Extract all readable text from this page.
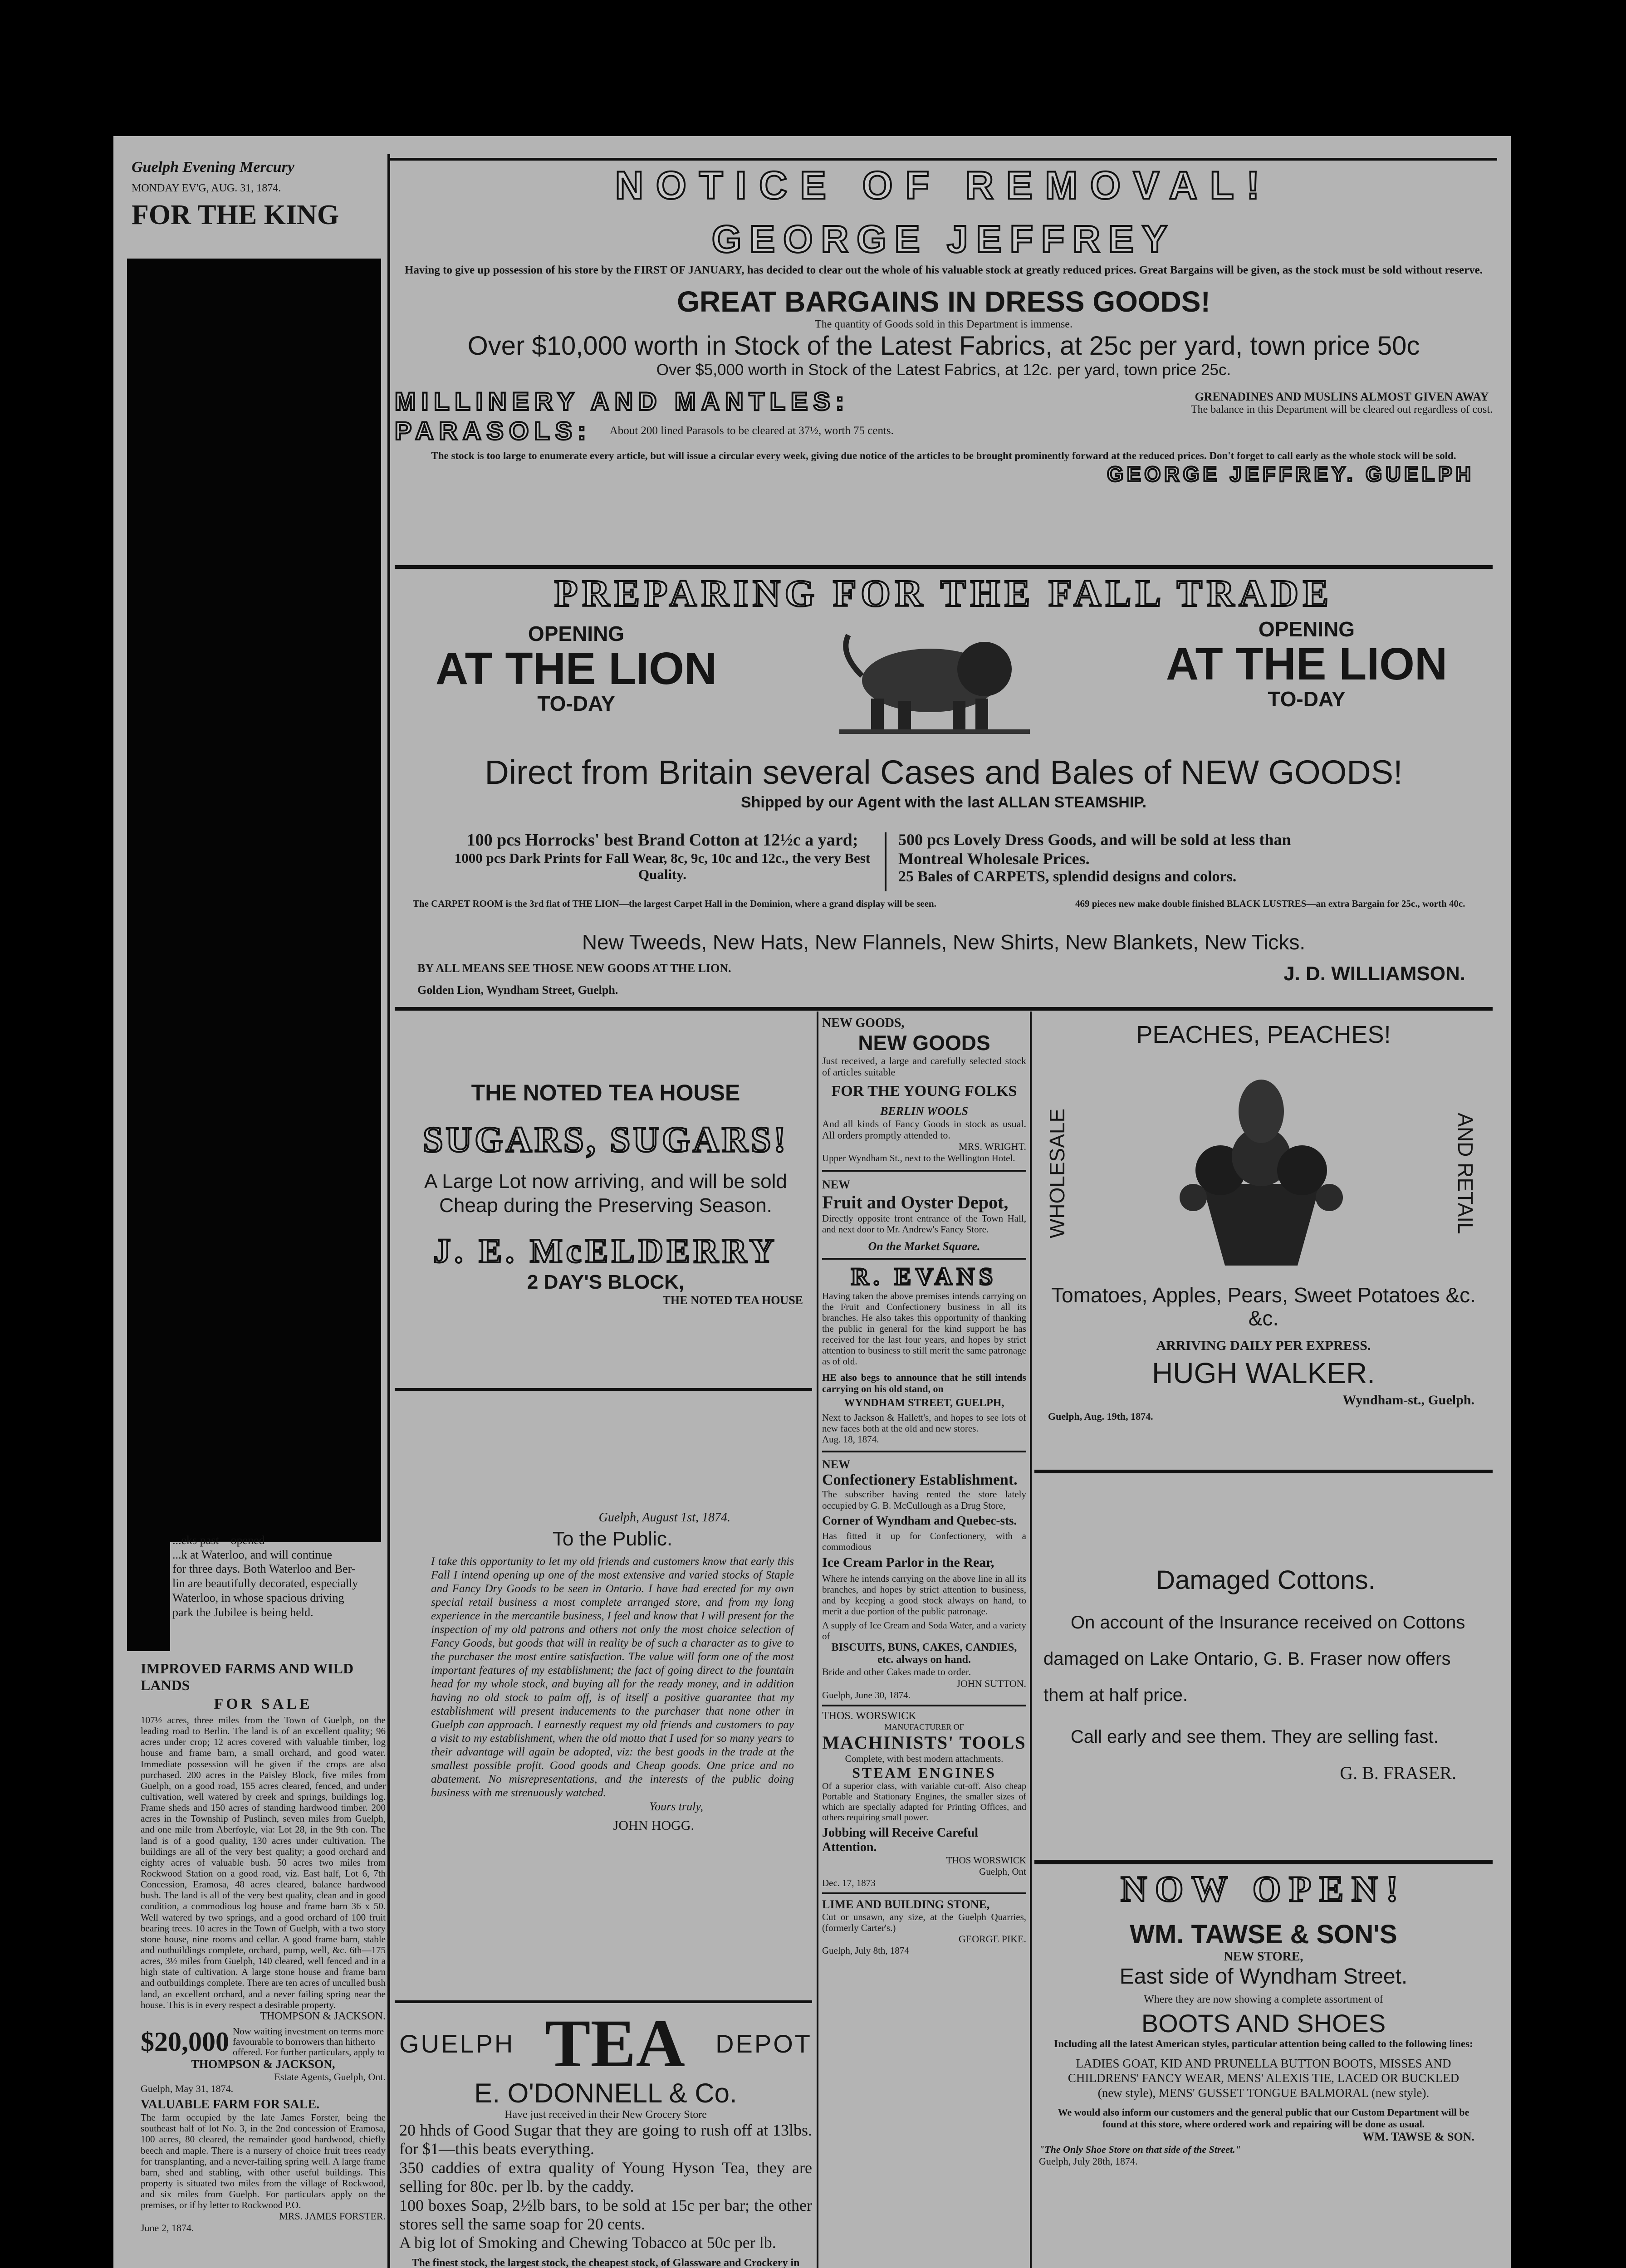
Guelph Evening Mercury
MONDAY EV'G, AUG. 31, 1874.
FOR THE KING

...eks past—opened

...k at Waterloo, and will continue

for three days. Both Waterloo and Ber-

lin are beautifully decorated, especially

Waterloo, in whose spacious driving

park the Jubilee is being held.

IMPROVED FARMS AND WILD LANDS
FOR SALE

107½ acres, three miles from the Town of Guelph, on the leading road to Berlin. The land is of an excellent quality; 96 acres under crop; 12 acres covered with valuable timber, log house and frame barn, a small orchard, and good water. Immediate possession will be given if the crops are also purchased. 200 acres in the Paisley Block, five miles from Guelph, on a good road, 155 acres cleared, fenced, and under cultivation, well watered by creek and springs, buildings log. Frame sheds and 150 acres of standing hardwood timber. 200 acres in the Township of Puslinch, seven miles from Guelph, and one mile from Aberfoyle, via: Lot 28, in the 9th con. The land is of a good quality, 130 acres under cultivation. The buildings are all of the very best quality; a good orchard and eighty acres of valuable bush. 50 acres two miles from Rockwood Station on a good road, viz. East half, Lot 6, 7th Concession, Eramosa, 48 acres cleared, balance hardwood bush. The land is all of the very best quality, clean and in good condition, a commodious log house and frame barn 36 x 50. Well watered by two springs, and a good orchard of 100 fruit bearing trees. 10 acres in the Town of Guelph, with a two story stone house, nine rooms and cellar. A good frame barn, stable and outbuildings complete, orchard, pump, well, &c. 6th—175 acres, 3½ miles from Guelph, 140 cleared, well fenced and in a high state of cultivation. A large stone house and frame barn and outbuildings complete. There are ten acres of unculled bush land, an excellent orchard, and a never failing spring near the house. This is in every respect a desirable property.

THOMPSON & JACKSON.

$20,000 Now waiting investment on terms more favourable to borrowers than hitherto offered. For further particulars, apply to

THOMPSON & JACKSON,

Estate Agents, Guelph, Ont.

Guelph, May 31, 1874.

VALUABLE FARM FOR SALE.

The farm occupied by the late James Forster, being the southeast half of lot No. 3, in the 2nd concession of Eramosa, 100 acres, 80 cleared, the remainder good hardwood, chiefly beech and maple. There is a nursery of choice fruit trees ready for transplanting, and a never-failing spring well. A large frame barn, shed and stabling, with other useful buildings. This property is situated two miles from the village of Rockwood, and six miles from Guelph. For particulars apply on the premises, or if by letter to Rockwood P.O.

MRS. JAMES FORSTER.

June 2, 1874.

NOTICE OF REMOVAL!
GEORGE JEFFREY

Having to give up possession of his store by the FIRST OF JANUARY, has decided to clear out the whole of his valuable stock at greatly reduced prices. Great Bargains will be given, as the stock must be sold without reserve.

GREAT BARGAINS IN DRESS GOODS!

The quantity of Goods sold in this Department is immense.

Over $10,000 worth in Stock of the Latest Fabrics, at 25c per yard, town price 50c
Over $5,000 worth in Stock of the Latest Fabrics, at 12c. per yard, town price 25c.
MILLINERY AND MANTLES:	GRENADINES AND MUSLINS ALMOST GIVEN AWAY
The balance in this Department will be cleared out regardless of cost.
PARASOLS: About 200 lined Parasols to be cleared at 37½, worth 75 cents.

The stock is too large to enumerate every article, but will issue a circular every week, giving due notice of the articles to be brought prominently forward at the reduced prices. Don't forget to call early as the whole stock will be sold.

GEORGE JEFFREY. GUELPH
PREPARING FOR THE FALL TRADE
OPENING
AT THE LION
TO-DAY
OPENING
AT THE LION
TO-DAY
Direct from Britain several Cases and Bales of NEW GOODS!
Shipped by our Agent with the last ALLAN STEAMSHIP.

100 pcs Horrocks' best Brand Cotton at 12½c a yard;

1000 pcs Dark Prints for Fall Wear, 8c, 9c, 10c and 12c., the very Best Quality.

500 pcs Lovely Dress Goods, and will be sold at less than Montreal Wholesale Prices.

25 Bales of CARPETS, splendid designs and colors.

The CARPET ROOM is the 3rd flat of THE LION—the largest Carpet Hall in the Dominion, where a grand display will be seen.	469 pieces new make double finished BLACK LUSTRES—an extra Bargain for 25c., worth 40c.
New Tweeds, New Hats, New Flannels, New Shirts, New Blankets, New Ticks.
BY ALL MEANS SEE THOSE NEW GOODS AT THE LION.	J. D. WILLIAMSON.
Golden Lion, Wyndham Street, Guelph.
THE NOTED TEA HOUSE
SUGARS, SUGARS!

A Large Lot now arriving, and will be sold Cheap during the Preserving Season.

J. E. McELDERRY
2 DAY'S BLOCK,
THE NOTED TEA HOUSE

Guelph, August 1st, 1874.

To the Public.

I take this opportunity to let my old friends and customers know that early this Fall I intend opening up one of the most extensive and varied stocks of Staple and Fancy Dry Goods to be seen in Ontario. I have had erected for my own special retail business a most complete arranged store, and from my long experience in the mercantile business, I feel and know that I will present for the inspection of my old patrons and others not only the most choice selection of Fancy Goods, but goods that will in reality be of such a character as to give to the purchaser the most entire satisfaction. The value will form one of the most important features of my establishment; the fact of going direct to the fountain head for my whole stock, and buying all for the ready money, and in addition having no old stock to palm off, is of itself a positive guarantee that my establishment will present inducements to the purchaser that none other in Guelph can approach. I earnestly request my old friends and customers to pay a visit to my establishment, when the old motto that I used for so many years to their advantage will again be adopted, viz: the best goods in the trade at the smallest possible profit. Good goods and Cheap goods. One price and no abatement. No misrepresentations, and the interests of the public doing business with me strenuously watched.

Yours truly,

JOHN HOGG.

GUELPH TEA DEPOT
E. O'DONNELL & Co.

Have just received in their New Grocery Store

20 hhds of Good Sugar that they are going to rush off at 13lbs. for $1—this beats everything.

350 caddies of extra quality of Young Hyson Tea, they are selling for 80c. per lb. by the caddy.

100 boxes Soap, 2½lb bars, to be sold at 15c per bar; the other stores sell the same soap for 20 cents.

A big lot of Smoking and Chewing Tobacco at 50c per lb.

The finest stock, the largest stock, the cheapest stock, of Glassware and Crockery in

NEW GOODS,
NEW GOODS

Just received, a large and carefully selected stock of articles suitable

FOR THE YOUNG FOLKS
BERLIN WOOLS

And all kinds of Fancy Goods in stock as usual. All orders promptly attended to.

MRS. WRIGHT.

Upper Wyndham St., next to the Wellington Hotel.

NEW
Fruit and Oyster Depot,

Directly opposite front entrance of the Town Hall, and next door to Mr. Andrew's Fancy Store.

On the Market Square.
R. EVANS

Having taken the above premises intends carrying on the Fruit and Confectionery business in all its branches. He also takes this opportunity of thanking the public in general for the kind support he has received for the last four years, and hopes by strict attention to business to still merit the same patronage as of old.

HE also begs to announce that he still intends carrying on his old stand, on

WYNDHAM STREET, GUELPH,

Next to Jackson & Hallett's, and hopes to see lots of new faces both at the old and new stores.

Aug. 18, 1874.

NEW
Confectionery Establishment.

The subscriber having rented the store lately occupied by G. B. McCullough as a Drug Store,

Corner of Wyndham and Quebec-sts.

Has fitted it up for Confectionery, with a commodious

Ice Cream Parlor in the Rear,

Where he intends carrying on the above line in all its branches, and hopes by strict attention to business, and by keeping a good stock always on hand, to merit a due portion of the public patronage.

A supply of Ice Cream and Soda Water, and a variety of

BISCUITS, BUNS, CAKES, CANDIES, etc. always on hand.

Bride and other Cakes made to order.

JOHN SUTTON.

Guelph, June 30, 1874.

THOS. WORSWICK
MANUFACTURER OF
MACHINISTS' TOOLS

Complete, with best modern attachments.

STEAM ENGINES

Of a superior class, with variable cut-off. Also cheap Portable and Stationary Engines, the smaller sizes of which are specially adapted for Printing Offices, and others requiring small power.

Jobbing will Receive Careful Attention.

THOS WORSWICK

Guelph, Ont

Dec. 17, 1873

LIME AND BUILDING STONE,

Cut or unsawn, any size, at the Guelph Quarries, (formerly Carter's.)

GEORGE PIKE.

Guelph, July 8th, 1874

PEACHES, PEACHES!
WHOLESALE	AND RETAIL
Tomatoes, Apples, Pears, Sweet Potatoes &c. &c.
ARRIVING DAILY PER EXPRESS.
HUGH WALKER.
Wyndham-st., Guelph.
Guelph, Aug. 19th, 1874.
Damaged Cottons.

On account of the Insurance received on Cottons damaged on Lake Ontario, G. B. Fraser now offers them at half price.

Call early and see them. They are selling fast.

G. B. FRASER.

NOW OPEN!
WM. TAWSE & SON'S
NEW STORE,
East side of Wyndham Street.

Where they are now showing a complete assortment of

BOOTS AND SHOES

Including all the latest American styles, particular attention being called to the following lines:

LADIES GOAT, KID AND PRUNELLA BUTTON BOOTS, MISSES AND CHILDRENS' FANCY WEAR, MENS' ALEXIS TIE, LACED OR BUCKLED (new style), MENS' GUSSET TONGUE BALMORAL (new style).

We would also inform our customers and the general public that our Custom Department will be found at this store, where ordered work and repairing will be done as usual.

WM. TAWSE & SON.

"The Only Shoe Store on that side of the Street."

Guelph, July 28th, 1874.
